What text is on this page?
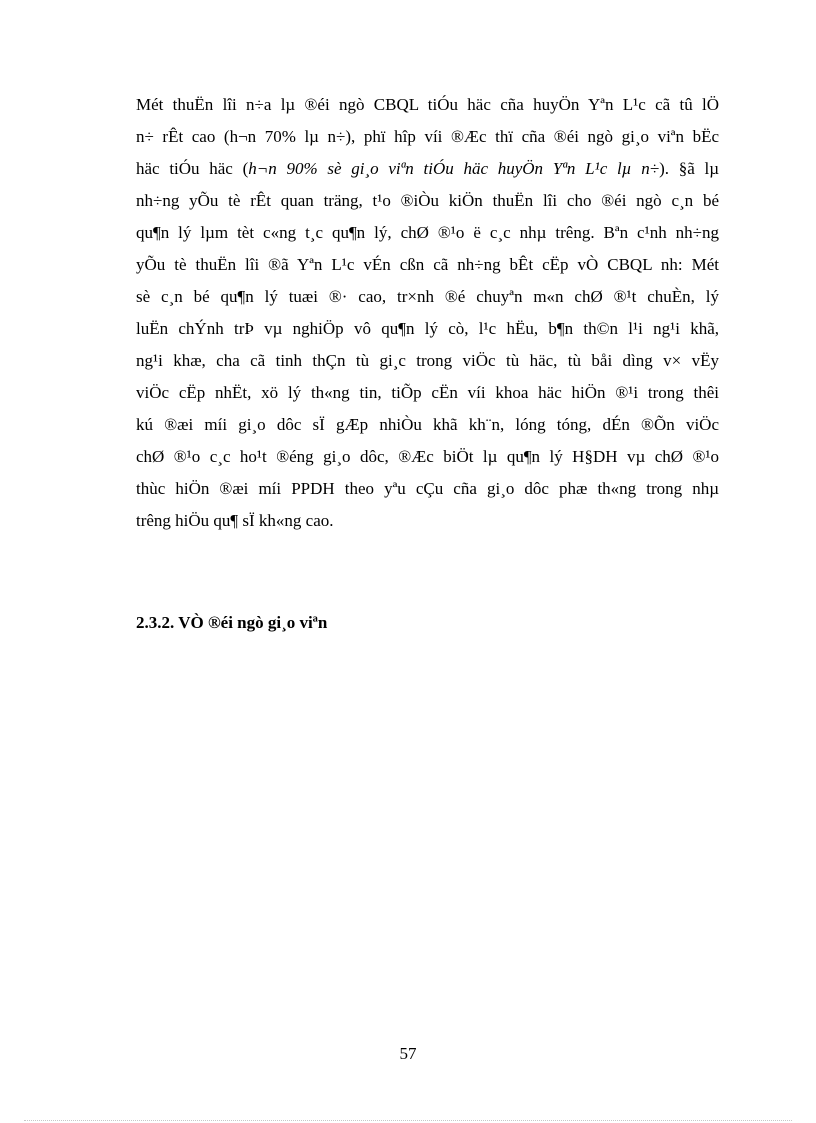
Mét thuËn lîi n÷a lµ ®éi ngò CBQL tiÓu häc cña huyÖn Yªn L¹c cã tû lÖ
n÷ rÊt cao (h¬n 70% lµ n÷), phï hîp víi ®Æc thï cña ®éi ngò gi¸o viªn bËc
häc tiÓu häc (h¬n 90% sè gi¸o viªn tiÓu häc huyÖn Yªn L¹c lµ n÷). §ã lµ
nh÷ng yÕu tè rÊt quan träng, t¹o ®iÒu kiÖn thuËn lîi cho ®éi ngò c¸n bé
qu¶n lý lµm tèt c«ng t¸c qu¶n lý, chØ ®¹o ë c¸c nhµ trêng. Bªn c¹nh nh÷ng
yÕu tè thuËn lîi ®ã Yªn L¹c vÉn cßn cã nh÷ng bÊt cËp vÒ CBQL nh: Mét
sè c¸n bé qu¶n lý tuæi ®· cao, tr×nh ®é chuyªn m«n chØ ®¹t chuÈn, lý
luËn chÝnh trÞ vµ nghiÖp vô qu¶n lý cò, l¹c hËu, b¶n th©n l¹i ng¹i khã,
ng¹i khæ, cha cã tinh thÇn tù gi¸c trong viÖc tù häc, tù båi dìng v× vËy
viÖc cËp nhËt, xö lý th«ng tin, tiÕp cËn víi khoa häc hiÖn ®¹i trong thêi
kú ®æi míi gi¸o dôc sÏ gÆp nhiÒu khã kh¨n, lóng tóng, dÉn ®Õn viÖc
chØ ®¹o c¸c ho¹t ®éng gi¸o dôc, ®Æc biÖt lµ qu¶n lý H§DH vµ chØ ®¹o
thùc hiÖn ®æi míi PPDH theo yªu cÇu cña gi¸o dôc phæ th«ng trong nhµ
trêng hiÖu qu¶ sÏ kh«ng cao.
2.3.2. VÒ ®éi ngò gi¸o viªn
57
